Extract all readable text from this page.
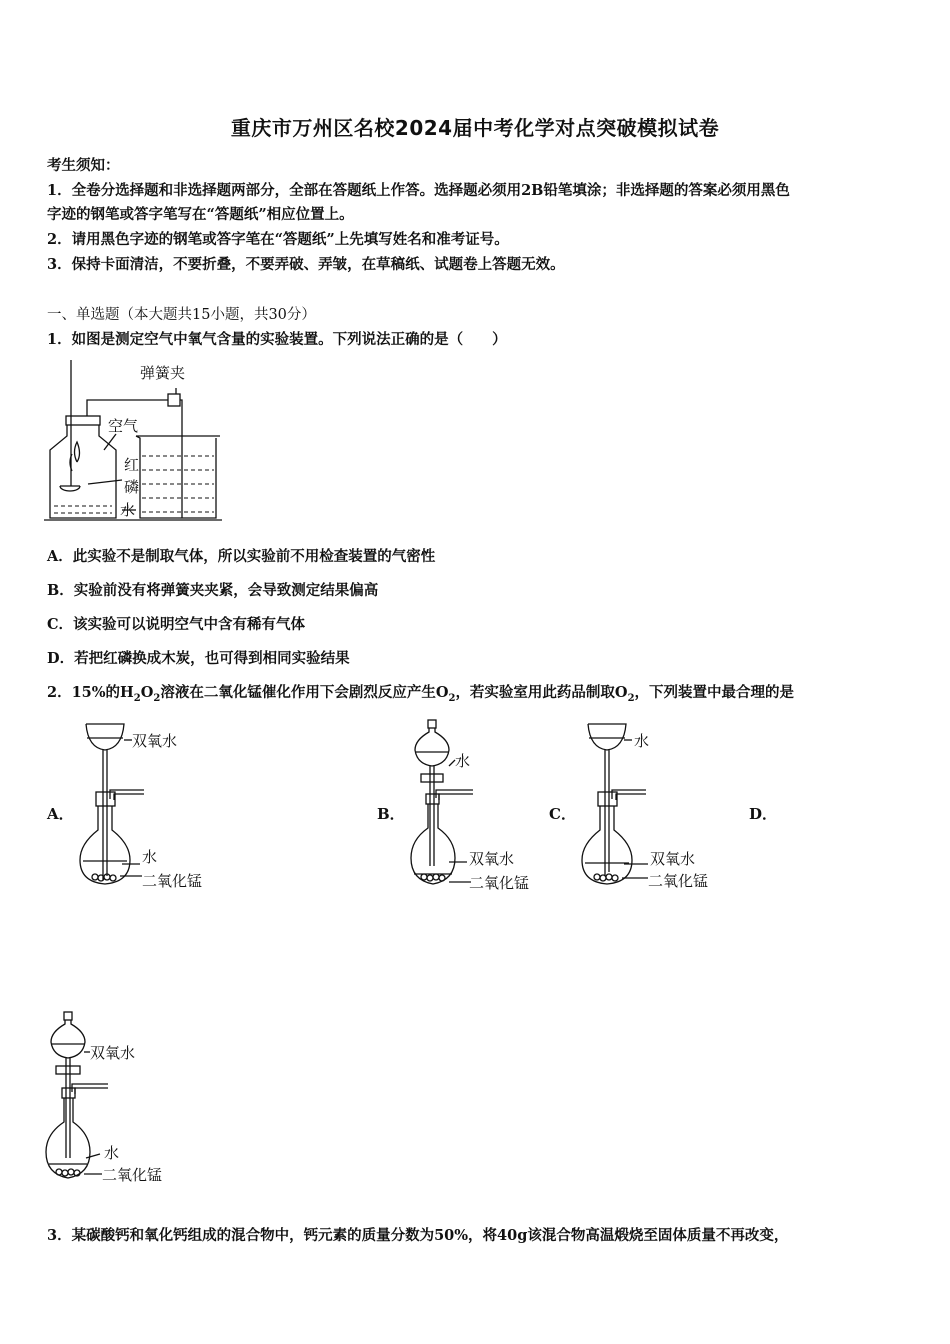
重庆市万州区名校2024届中考化学对点突破模拟试卷
考生须知：
1．全卷分选择题和非选择题两部分，全部在答题纸上作答。选择题必须用2B铅笔填涂；非选择题的答案必须用黑色
字迹的钢笔或答字笔写在“答题纸”相应位置上。
2．请用黑色字迹的钢笔或答字笔在“答题纸”上先填写姓名和准考证号。
3．保持卡面清洁，不要折叠，不要弄破、弄皱，在草稿纸、试题卷上答题无效。
一、单选题（本大题共15小题，共30分）
1．如图是测定空气中氧气含量的实验装置。下列说法正确的是（　　）
弹簧夹
空气
红
磷
水
A．此实验不是制取气体，所以实验前不用检查装置的气密性
B．实验前没有将弹簧夹夹紧，会导致测定结果偏高
C．该实验可以说明空气中含有稀有气体
D．若把红磷换成木炭，也可得到相同实验结果
2．15%的$H_2O_2$溶液在二氧化锰催化作用下会剧烈反应产生$O_2$，若实验室用此药品制取$O_2$，下列装置中最合理的是
A．	B．	C．	D．
双氧水
水
二氧化锰
水
双氧水
二氧化锰
水
双氧水
二氧化锰
双氧水
水
二氧化锰
3．某碳酸钙和氧化钙组成的混合物中，钙元素的质量分数为50%，将40g该混合物高温煅烧至固体质量不再改变，
